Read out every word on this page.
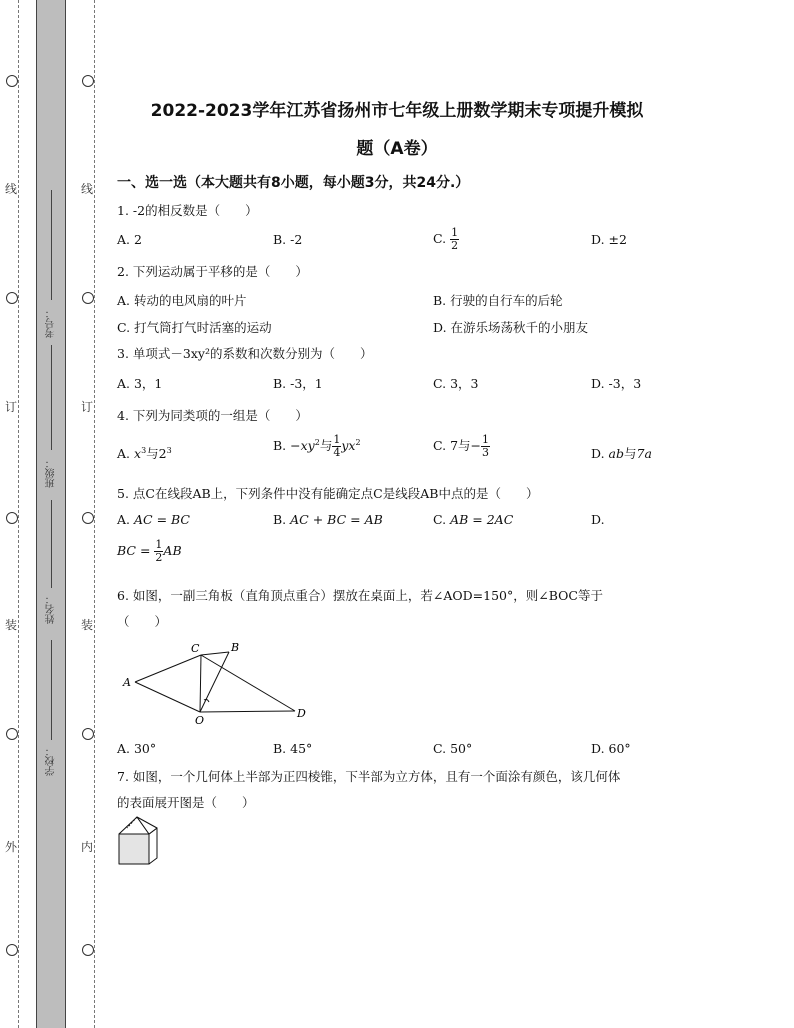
线
订
装
外
线
订
装
内
考号：
班级：
姓名：
学校：
2022-2023学年江苏省扬州市七年级上册数学期末专项提升模拟
题（A卷）
一、选一选（本大题共有8小题，每小题3分，共24分.）
1. -2的相反数是（　　）
A. 2	B. -2	C. $\frac{1}{2}$	D. ±2
2. 下列运动属于平移的是（　　）
A. 转动的电风扇的叶片	B. 行驶的自行车的后轮
C. 打气筒打气时活塞的运动	D. 在游乐场荡秋千的小朋友
3. 单项式－3xy²的系数和次数分别为（　　）
A. 3，1	B. -3，1	C. 3，3	D. -3，3
4. 下列为同类项的一组是（　　）
A. $x^3$与$2^3$	B. $-xy^2$与 $\frac{1}{4} yx^2$	C. 7与− $\frac{1}{3}$	D. ab与7a
5. 点C在线段AB上，下列条件中没有能确定点C是线段AB中点的是（　　）
A. AC = BC	B. AC + BC = AB	C. AB = 2AC	D.
BC = $\frac{1}{2}$ AB
6. 如图，一副三角板（直角顶点重合）摆放在桌面上，若∠AOD=150°，则∠BOC等于
（　　）
A
B
C
D
O
A. 30°	B. 45°	C. 50°	D. 60°
7. 如图，一个几何体上半部为正四棱锥，下半部为立方体，且有一个面涂有颜色，该几何体
的表面展开图是（　　）
